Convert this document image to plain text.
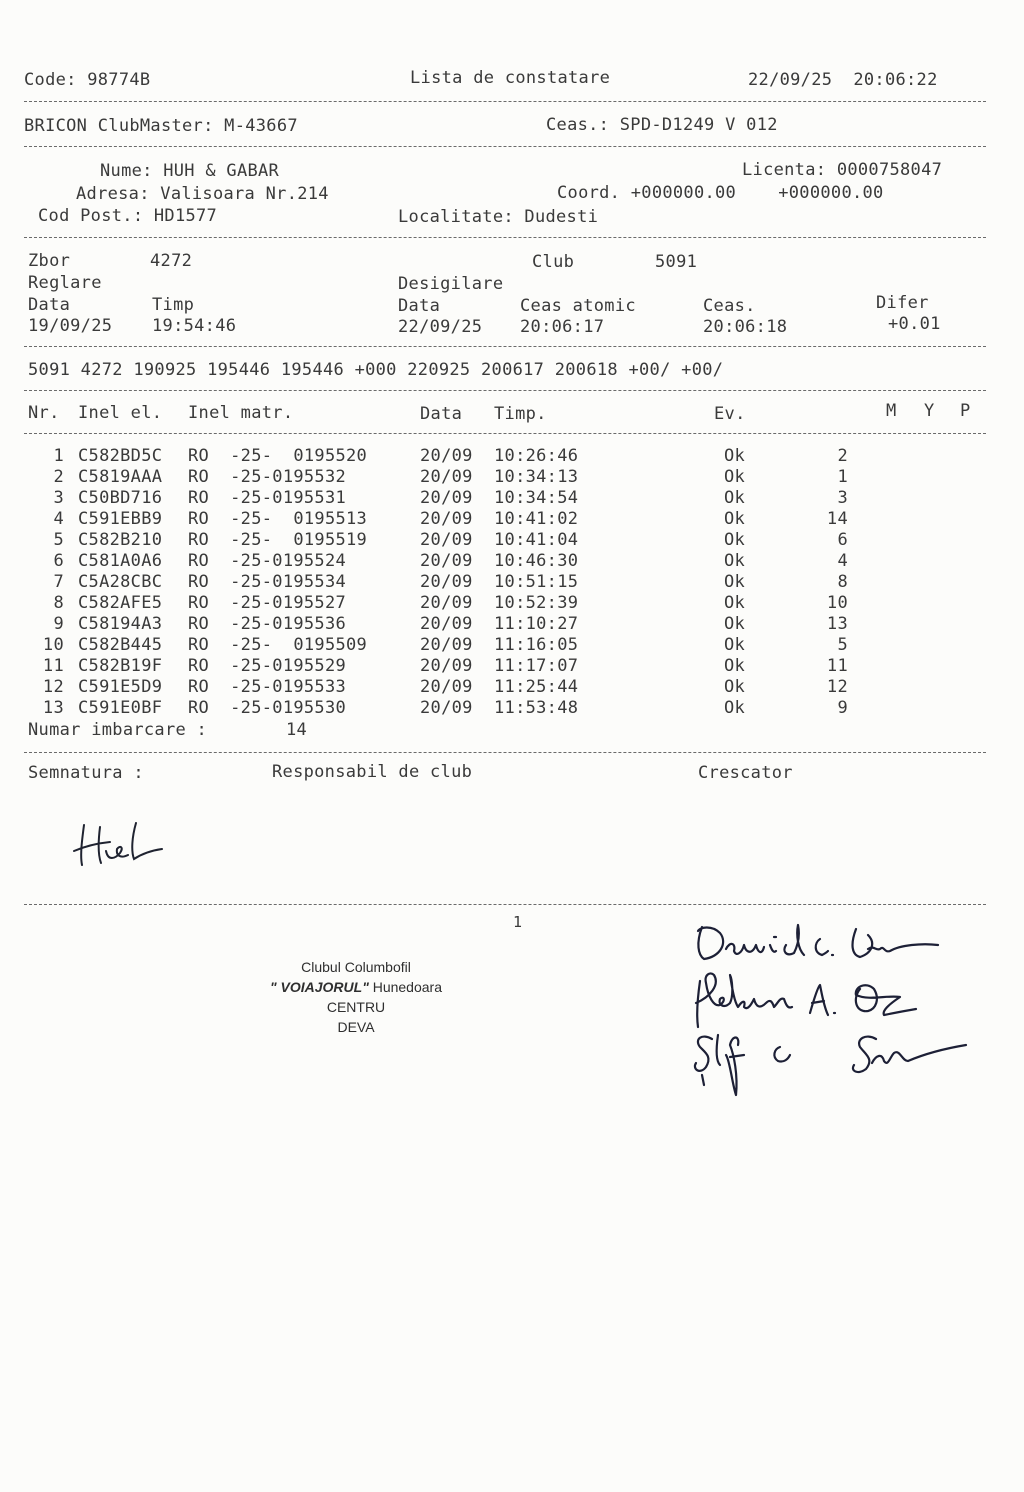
Code: 98774B	Lista de constatare	22/09/25  20:06:22
BRICON ClubMaster: M-43667	Ceas.: SPD-D1249 V 012
Nume: HUH & GABAR	Licenta: 0000758047
Adresa: Valisoara Nr.214	Coord. +000000.00    +000000.00
Cod Post.: HD1577	Localitate: Dudesti
Zbor	4272	Club	5091
Reglare	Desigilare
Data	Timp	Data	Ceas atomic	Ceas.	Difer
19/09/25 19:54:46	22/09/25 20:06:17	20:06:18	+0.01
5091 4272 190925 195446 195446 +000 220925 200617 200618 +00/ +00/
Nr. Inel el. Inel matr.	Data Timp.	Ev.	M Y P
1 C582BD5C RO  -25-  0195520	20/09 10:26:46	Ok	2
2 C5819AAA RO  -25-0195532	20/09 10:34:13	Ok	1
3 C50BD716 RO  -25-0195531	20/09 10:34:54	Ok	3
4 C591EBB9 RO  -25-  0195513	20/09 10:41:02	Ok	14
5 C582B210 RO  -25-  0195519	20/09 10:41:04	Ok	6
6 C581A0A6 RO  -25-0195524	20/09 10:46:30	Ok	4
7 C5A28CBC RO  -25-0195534	20/09 10:51:15	Ok	8
8 C582AFE5 RO  -25-0195527	20/09 10:52:39	Ok	10
9 C58194A3 RO  -25-0195536	20/09 11:10:27	Ok	13
10 C582B445 RO  -25-  0195509	20/09 11:16:05	Ok	5
11 C582B19F RO  -25-0195529	20/09 11:17:07	Ok	11
12 C591E5D9 RO  -25-0195533	20/09 11:25:44	Ok	12
13 C591E0BF RO  -25-0195530	20/09 11:53:48	Ok	9
Numar imbarcare :	14
Semnatura :	Responsabil de club	Crescator
1
Clubul Columbofil
" VOIAJORUL" Hunedoara
CENTRU
DEVA
